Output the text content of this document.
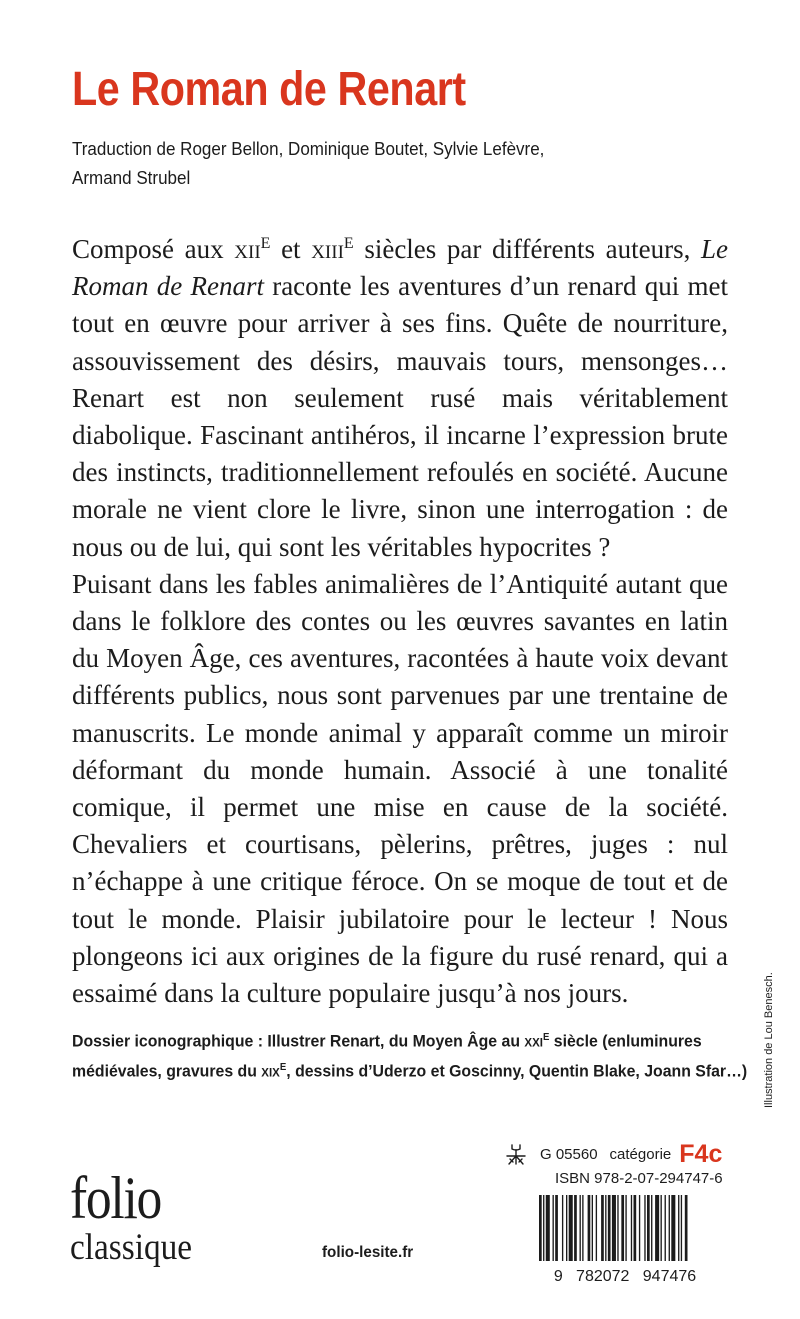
Le Roman de Renart
Traduction de Roger Bellon, Dominique Boutet, Sylvie Lefèvre,
Armand Strubel

Composé aux xii$^e$ et xiii$^e$ siècles par différents auteurs, Le Roman de Renart raconte les aventures d’un renard qui met tout en œuvre pour arriver à ses fins. Quête de nourriture, assouvissement des désirs, mauvais tours, mensonges… Renart est non seulement rusé mais véritablement diabolique. Fascinant antihéros, il incarne l’expression brute des instincts, traditionnellement refoulés en société. Aucune morale ne vient clore le livre, sinon une interrogation : de nous ou de lui, qui sont les véritables hypocrites ?

Puisant dans les fables animalières de l’Antiquité autant que dans le folklore des contes ou les œuvres savantes en latin du Moyen Âge, ces aventures, racontées à haute voix devant différents publics, nous sont parvenues par une trentaine de manuscrits. Le monde animal y apparaît comme un miroir déformant du monde humain. Associé à une tonalité comique, il permet une mise en cause de la société. Chevaliers et courtisans, pèlerins, prêtres, juges : nul n’échappe à une critique féroce. On se moque de tout et de tout le monde. Plaisir jubilatoire pour le lecteur ! Nous plongeons ici aux origines de la figure du rusé renard, qui a essaimé dans la culture populaire jusqu’à nos jours.

Dossier iconographique : Illustrer Renart, du Moyen Âge au xxi$^e$ siècle (enluminures médiévales, gravures du xix$^e$, dessins d’Uderzo et Goscinny, Quentin Blake, Joann Sfar…)

folio
classique	folio-lesite.fr
G 05560 catégorie F4c
ISBN 978-2-07-294747-6
9   782072   947476
Illustration de Lou Benesch.
